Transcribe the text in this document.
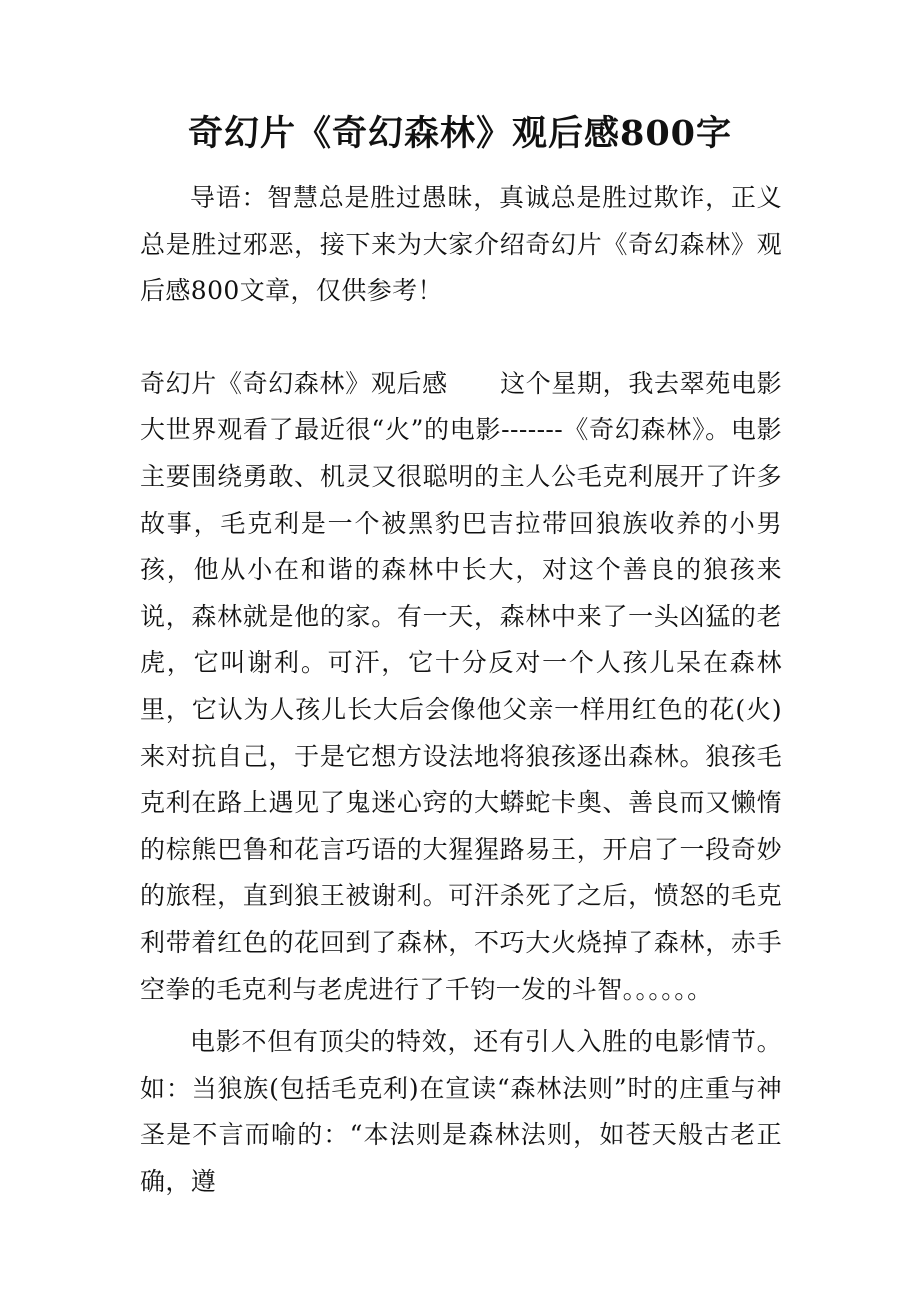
奇幻片《奇幻森林》观后感800字

导语：智慧总是胜过愚昧，真诚总是胜过欺诈，正义总是胜过邪恶，接下来为大家介绍奇幻片《奇幻森林》观后感800文章，仅供参考！

奇幻片《奇幻森林》观后感 这个星期，我去翠苑电影大世界观看了最近很“火”的电影-------《奇幻森林》。电影主要围绕勇敢、机灵又很聪明的主人公毛克利展开了许多故事，毛克利是一个被黑豹巴吉拉带回狼族收养的小男孩，他从小在和谐的森林中长大，对这个善良的狼孩来说，森林就是他的家。有一天，森林中来了一头凶猛的老虎，它叫谢利。可汗，它十分反对一个人孩儿呆在森林里，它认为人孩儿长大后会像他父亲一样用红色的花(火)来对抗自己，于是它想方设法地将狼孩逐出森林。狼孩毛克利在路上遇见了鬼迷心窍的大蟒蛇卡奥、善良而又懒惰的棕熊巴鲁和花言巧语的大猩猩路易王，开启了一段奇妙的旅程，直到狼王被谢利。可汗杀死了之后，愤怒的毛克利带着红色的花回到了森林，不巧大火烧掉了森林，赤手空拳的毛克利与老虎进行了千钧一发的斗智。。。。。。

电影不但有顶尖的特效，还有引人入胜的电影情节。如：当狼族(包括毛克利)在宣读“森林法则”时的庄重与神圣是不言而喻的：“本法则是森林法则，如苍天般古老正确，遵
